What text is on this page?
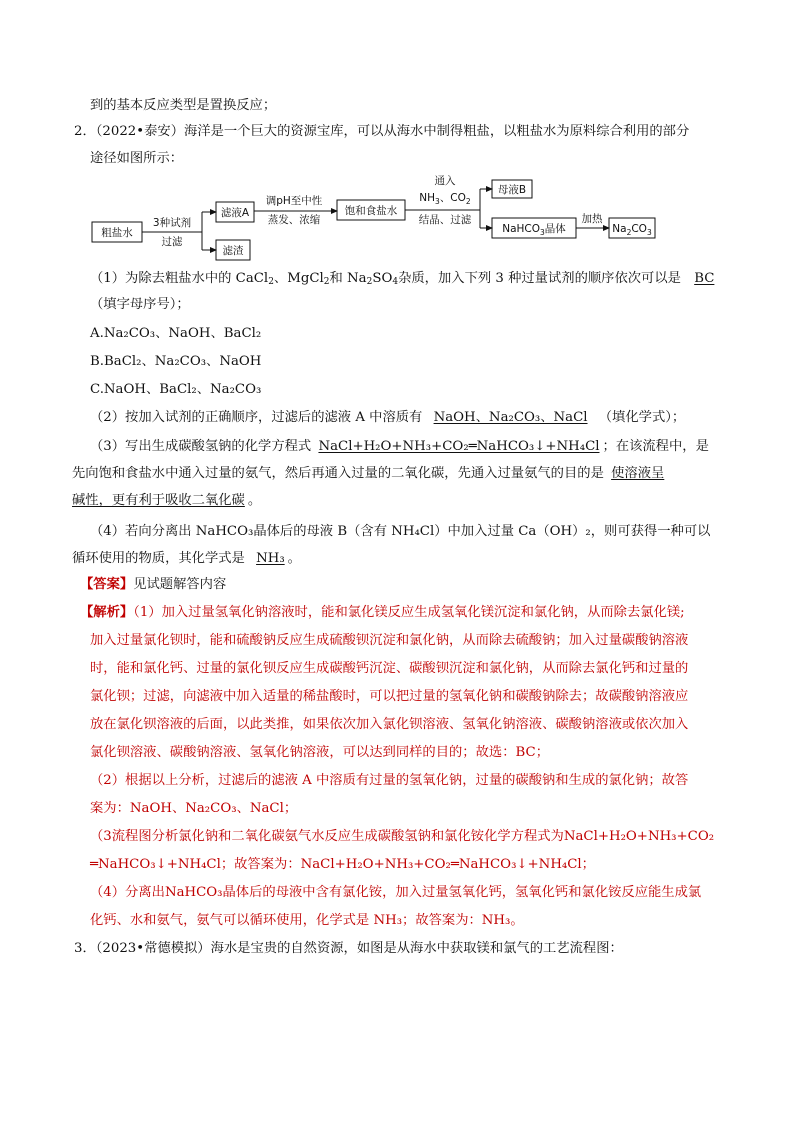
到的基本反应类型是置换反应；
2．（2022•泰安）海洋是一个巨大的资源宝库，可以从海水中制得粗盐，以粗盐水为原料综合利用的部分
途径如图所示：
粗盐水
3种试剂
过滤
滤液A
滤渣
调pH至中性
蒸发、浓缩
饱和食盐水
通入
$NH_3$、$CO_2$
结晶、过滤
母液B
NaHCO$_3$晶体
加热
$Na_2CO_3$
（1）为除去粗盐水中的 CaCl$_2$、MgCl$_2$和 $Na_2SO_4$杂质，加入下列 3 种过量试剂的顺序依次可以是 BC
（填字母序号）；
A.Na₂CO₃、NaOH、BaCl₂
B.BaCl₂、Na₂CO₃、NaOH
C.NaOH、BaCl₂、Na₂CO₃
（2）按加入试剂的正确顺序，过滤后的滤液 A 中溶质有 NaOH、Na₂CO₃、NaCl （填化学式）；
（3）写出生成碳酸氢钠的化学方程式 NaCl+H₂O+NH₃+CO₂═NaHCO₃↓+NH₄Cl ；在该流程中，是
先向饱和食盐水中通入过量的氨气，然后再通入过量的二氧化碳，先通入过量氨气的目的是 使溶液呈
碱性，更有利于吸收二氧化碳 。
（4）若向分离出 NaHCO₃晶体后的母液 B（含有 NH₄Cl）中加入过量 Ca（OH）₂，则可获得一种可以
循环使用的物质，其化学式是 NH₃ 。
【答案】见试题解答内容
【解析】（1）加入过量氢氧化钠溶液时，能和氯化镁反应生成氢氧化镁沉淀和氯化钠，从而除去氯化镁;
加入过量氯化钡时，能和硫酸钠反应生成硫酸钡沉淀和氯化钠，从而除去硫酸钠；加入过量碳酸钠溶液
时，能和氯化钙、过量的氯化钡反应生成碳酸钙沉淀、碳酸钡沉淀和氯化钠，从而除去氯化钙和过量的
氯化钡；过滤，向滤液中加入适量的稀盐酸时，可以把过量的氢氧化钠和碳酸钠除去；故碳酸钠溶液应
放在氯化钡溶液的后面，以此类推，如果依次加入氯化钡溶液、氢氧化钠溶液、碳酸钠溶液或依次加入
氯化钡溶液、碳酸钠溶液、氢氧化钠溶液，可以达到同样的目的；故选：BC；
（2）根据以上分析，过滤后的滤液 A 中溶质有过量的氢氧化钠，过量的碳酸钠和生成的氯化钠；故答
案为：NaOH、Na₂CO₃、NaCl；
（3流程图分析氯化钠和二氧化碳氨气水反应生成碳酸氢钠和氯化铵化学方程式为NaCl+H₂O+NH₃+CO₂
═NaHCO₃↓+NH₄Cl；故答案为：NaCl+H₂O+NH₃+CO₂═NaHCO₃↓+NH₄Cl；
（4）分离出NaHCO₃晶体后的母液中含有氯化铵，加入过量氢氧化钙，氢氧化钙和氯化铵反应能生成氯
化钙、水和氨气，氨气可以循环使用，化学式是 NH₃；故答案为：NH₃。
3．（2023•常德模拟）海水是宝贵的自然资源，如图是从海水中获取镁和氯气的工艺流程图：
